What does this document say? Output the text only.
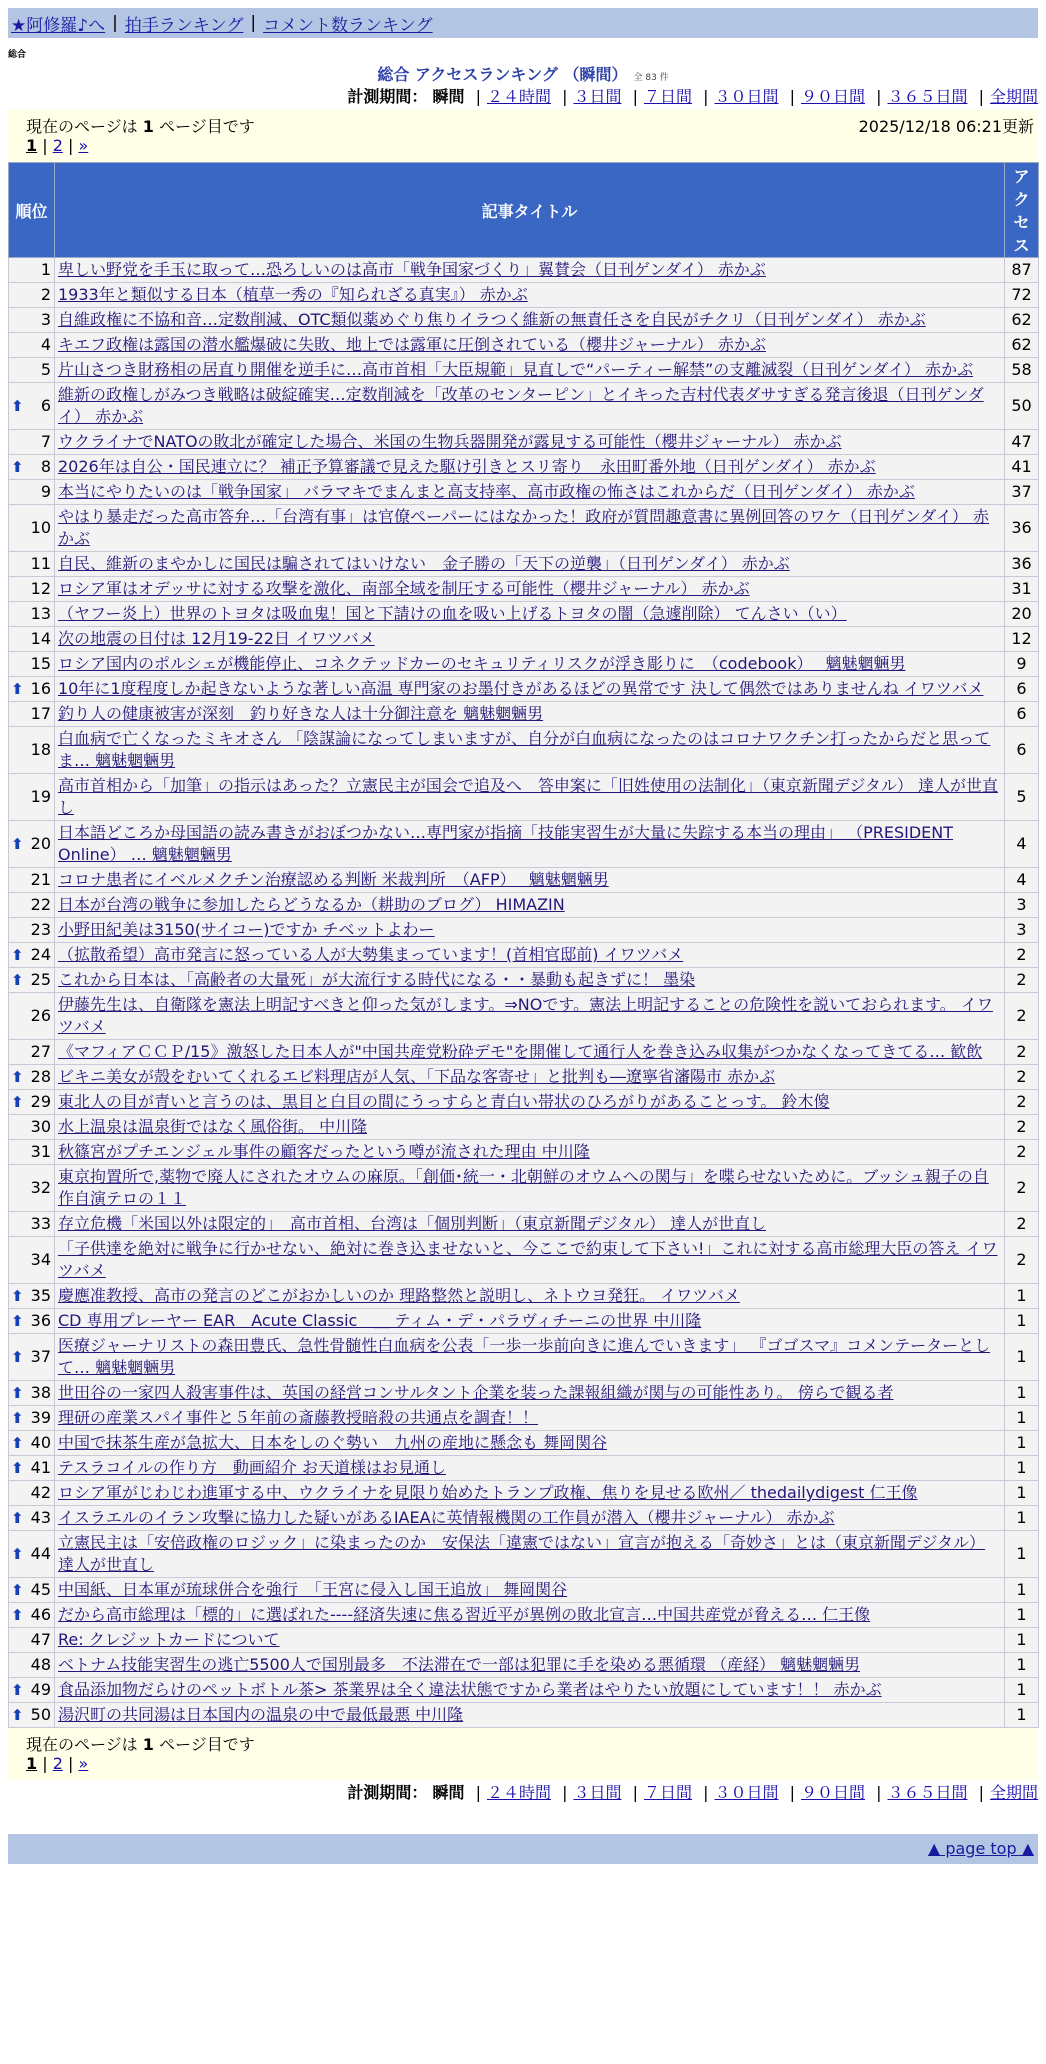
★阿修羅♪へ | 拍手ランキング | コメント数ランキング
総合
総合 アクセスランキング （瞬間） 全 83 件
計測期間： 瞬間 | ２４時間 | ３日間 | ７日間 | ３０日間 | ９０日間 | ３６５日間 | 全期間
現在のページは 1 ページ目です	2025/12/18 06:21更新
1 | 2 | »
順位	記事タイトル	アクセス
1	卑しい野党を手玉に取って…恐ろしいのは高市「戦争国家づくり」翼賛会（日刊ゲンダイ） 赤かぶ	87
2	1933年と類似する日本（植草一秀の『知られざる真実』） 赤かぶ	72
3	自維政権に不協和音…定数削減、OTC類似薬めぐり焦りイラつく維新の無責任さを自民がチクリ（日刊ゲンダイ） 赤かぶ	62
4	キエフ政権は露国の潜水艦爆破に失敗、地上では露軍に圧倒されている（櫻井ジャーナル） 赤かぶ	62
5	片山さつき財務相の居直り開催を逆手に…高市首相「大臣規範」見直しで“パーティー解禁”の支離滅裂（日刊ゲンダイ） 赤かぶ	58

⬆ 6	維新の政権しがみつき戦略は破綻確実…定数削減を「改革のセンターピン」とイキった吉村代表ダサすぎる発言後退（日刊ゲンダイ） 赤かぶ	50
7	ウクライナでNATOの敗北が確定した場合、米国の生物兵器開発が露見する可能性（櫻井ジャーナル） 赤かぶ	47

⬆ 8	2026年は自公・国民連立に？ 補正予算審議で見えた駆け引きとスリ寄り　永田町番外地（日刊ゲンダイ） 赤かぶ	41
9	本当にやりたいのは「戦争国家」 バラマキでまんまと高支持率、高市政権の怖さはこれからだ（日刊ゲンダイ） 赤かぶ	37
10	やはり暴走だった高市答弁…「台湾有事」は官僚ペーパーにはなかった！政府が質問趣意書に異例回答のワケ（日刊ゲンダイ） 赤かぶ	36
11	自民、維新のまやかしに国民は騙されてはいけない　金子勝の「天下の逆襲」（日刊ゲンダイ） 赤かぶ	36
12	ロシア軍はオデッサに対する攻撃を激化、南部全域を制圧する可能性（櫻井ジャーナル） 赤かぶ	31
13	（ヤフー炎上）世界のトヨタは吸血鬼！国と下請けの血を吸い上げるトヨタの闇（急遽削除） てんさい（い）	20
14	次の地震の日付は 12月19-22日 イワツバメ	12
15	ロシア国内のポルシェが機能停止、コネクテッドカーのセキュリティリスクが浮き彫りに　（codebook）　 魑魅魍魎男	9

⬆ 16	10年に1度程度しか起きないような著しい高温 専門家のお墨付きがあるほどの異常です 決して偶然ではありませんね イワツバメ	6
17	釣り人の健康被害が深刻　釣り好きな人は十分御注意を 魑魅魍魎男	6
18	白血病で亡くなったミキオさん 「陰謀論になってしまいますが、自分が白血病になったのはコロナワクチン打ったからだと思ってま… 魑魅魍魎男	6
19	高市首相から「加筆」の指示はあった？立憲民主が国会で追及へ　答申案に「旧姓使用の法制化」（東京新聞デジタル） 達人が世直し	5

⬆ 20	日本語どころか母国語の読み書きがおぼつかない…専門家が指摘「技能実習生が大量に失踪する本当の理由」 （PRESIDENT Online） … 魑魅魍魎男	4
21	コロナ患者にイベルメクチン治療認める判断 米裁判所　（AFP）　 魑魅魍魎男	4
22	日本が台湾の戦争に参加したらどうなるか（耕助のブログ） HIMAZIN	3
23	小野田紀美は3150(サイコー)ですか チベットよわー	3

⬆ 24	（拡散希望）高市発言に怒っている人が大勢集まっています！(首相官邸前) イワツバメ	2

⬆ 25	これから日本は、「高齢者の大量死」が大流行する時代になる・・暴動も起きずに！ 墨染	2
26	伊藤先生は、自衛隊を憲法上明記すべきと仰った気がします。⇒NOです。憲法上明記することの危険性を説いておられます。 イワツバメ	2
27	《マフィアＣＣＰ/15》激怒した日本人が"中国共産党粉砕デモ"を開催して通行人を巻き込み収集がつかなくなってきてる… 歓飲	2

⬆ 28	ビキニ美女が殻をむいてくれるエビ料理店が人気、「下品な客寄せ」と批判も―遼寧省瀋陽市 赤かぶ	2

⬆ 29	東北人の目が青いと言うのは、黒目と白目の間にうっすらと青白い帯状のひろがりがあることっす。 鈴木傻	2
30	水上温泉は温泉街ではなく風俗街。 中川隆	2
31	秋篠宮がプチエンジェル事件の顧客だったという噂が流された理由 中川隆	2
32	東京拘置所で,薬物で廃人にされたオウムの麻原。「創価･統一・北朝鮮のオウムへの関与」を喋らせないために。ブッシュ親子の自作自演テロの１１	2
33	存立危機「米国以外は限定的」　高市首相、台湾は「個別判断」（東京新聞デジタル） 達人が世直し	2
34	「子供達を絶対に戦争に行かせない、絶対に巻き込ませないと、今ここで約束して下さい!」これに対する高市総理大臣の答え イワツバメ	2

⬆ 35	慶應准教授、高市の発言のどこがおかしいのか 理路整然と説明し、ネトウヨ発狂。 イワツバメ	1

⬆ 36	CD 専用プレーヤー EAR　Acute Classic　＿ ティム・デ・パラヴィチーニの世界 中川隆	1

⬆ 37	医療ジャーナリストの森田豊氏、急性骨髄性白血病を公表「一歩一歩前向きに進んでいきます」 『ゴゴスマ』コメンテーターとして… 魑魅魍魎男	1

⬆ 38	世田谷の一家四人殺害事件は、英国の経営コンサルタント企業を装った課報組織が関与の可能性あり。 傍らで観る者	1

⬆ 39	理研の産業スパイ事件と５年前の斎藤教授暗殺の共通点を調査！！	1

⬆ 40	中国で抹茶生産が急拡大、日本をしのぐ勢い　九州の産地に懸念も 舞岡関谷	1

⬆ 41	テスラコイルの作り方　動画紹介 お天道様はお見通し	1
42	ロシア軍がじわじわ進軍する中、ウクライナを見限り始めたトランプ政権、焦りを見せる欧州／ thedailydigest 仁王像	1

⬆ 43	イスラエルのイラン攻撃に協力した疑いがあるIAEAに英情報機関の工作員が潜入（櫻井ジャーナル） 赤かぶ	1

⬆ 44	立憲民主は「安倍政権のロジック」に染まったのか　安保法「違憲ではない」宣言が抱える「奇妙さ」とは（東京新聞デジタル） 達人が世直し	1

⬆ 45	中国紙、日本軍が琉球併合を強行　「王宮に侵入し国王追放」 舞岡関谷	1

⬆ 46	だから高市総理は「標的」に選ばれた----経済失速に焦る習近平が異例の敗北宣言…中国共産党が脅える… 仁王像	1
47	Re: クレジットカードについて	1
48	ベトナム技能実習生の逃亡5500人で国別最多　不法滞在で一部は犯罪に手を染める悪循環 （産経） 魑魅魍魎男	1

⬆ 49	食品添加物だらけのペットボトル茶> 茶業界は全く違法状態ですから業者はやりたい放題にしています！！ 赤かぶ	1

⬆ 50	湯沢町の共同湯は日本国内の温泉の中で最低最悪 中川隆	1
現在のページは 1 ページ目です
1 | 2 | »
計測期間： 瞬間 | ２４時間 | ３日間 | ７日間 | ３０日間 | ９０日間 | ３６５日間 | 全期間
▲ page top ▲
